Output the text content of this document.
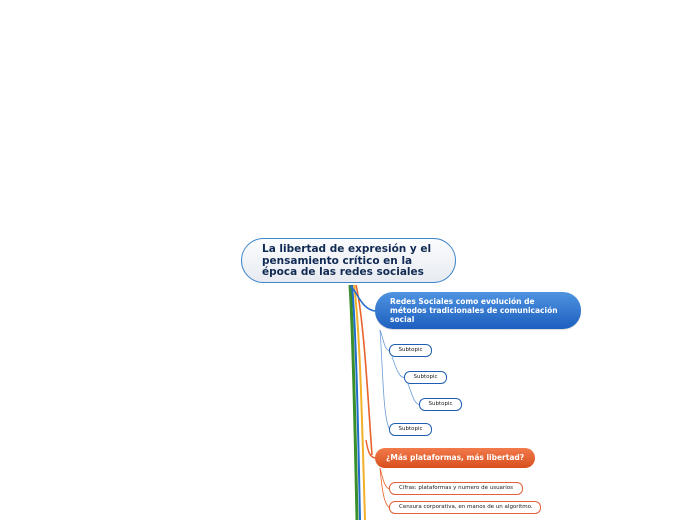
La libertad de expresión y el pensamiento crítico en la época de las redes sociales
Redes Sociales como evolución de métodos tradicionales de comunicación social
Subtopic
Subtopic
Subtopic
Subtopic
¿Más plataformas, más libertad?
Cifras: plataformas y numero de usuarios
Censura corporativa, en manos de un algoritmo.
